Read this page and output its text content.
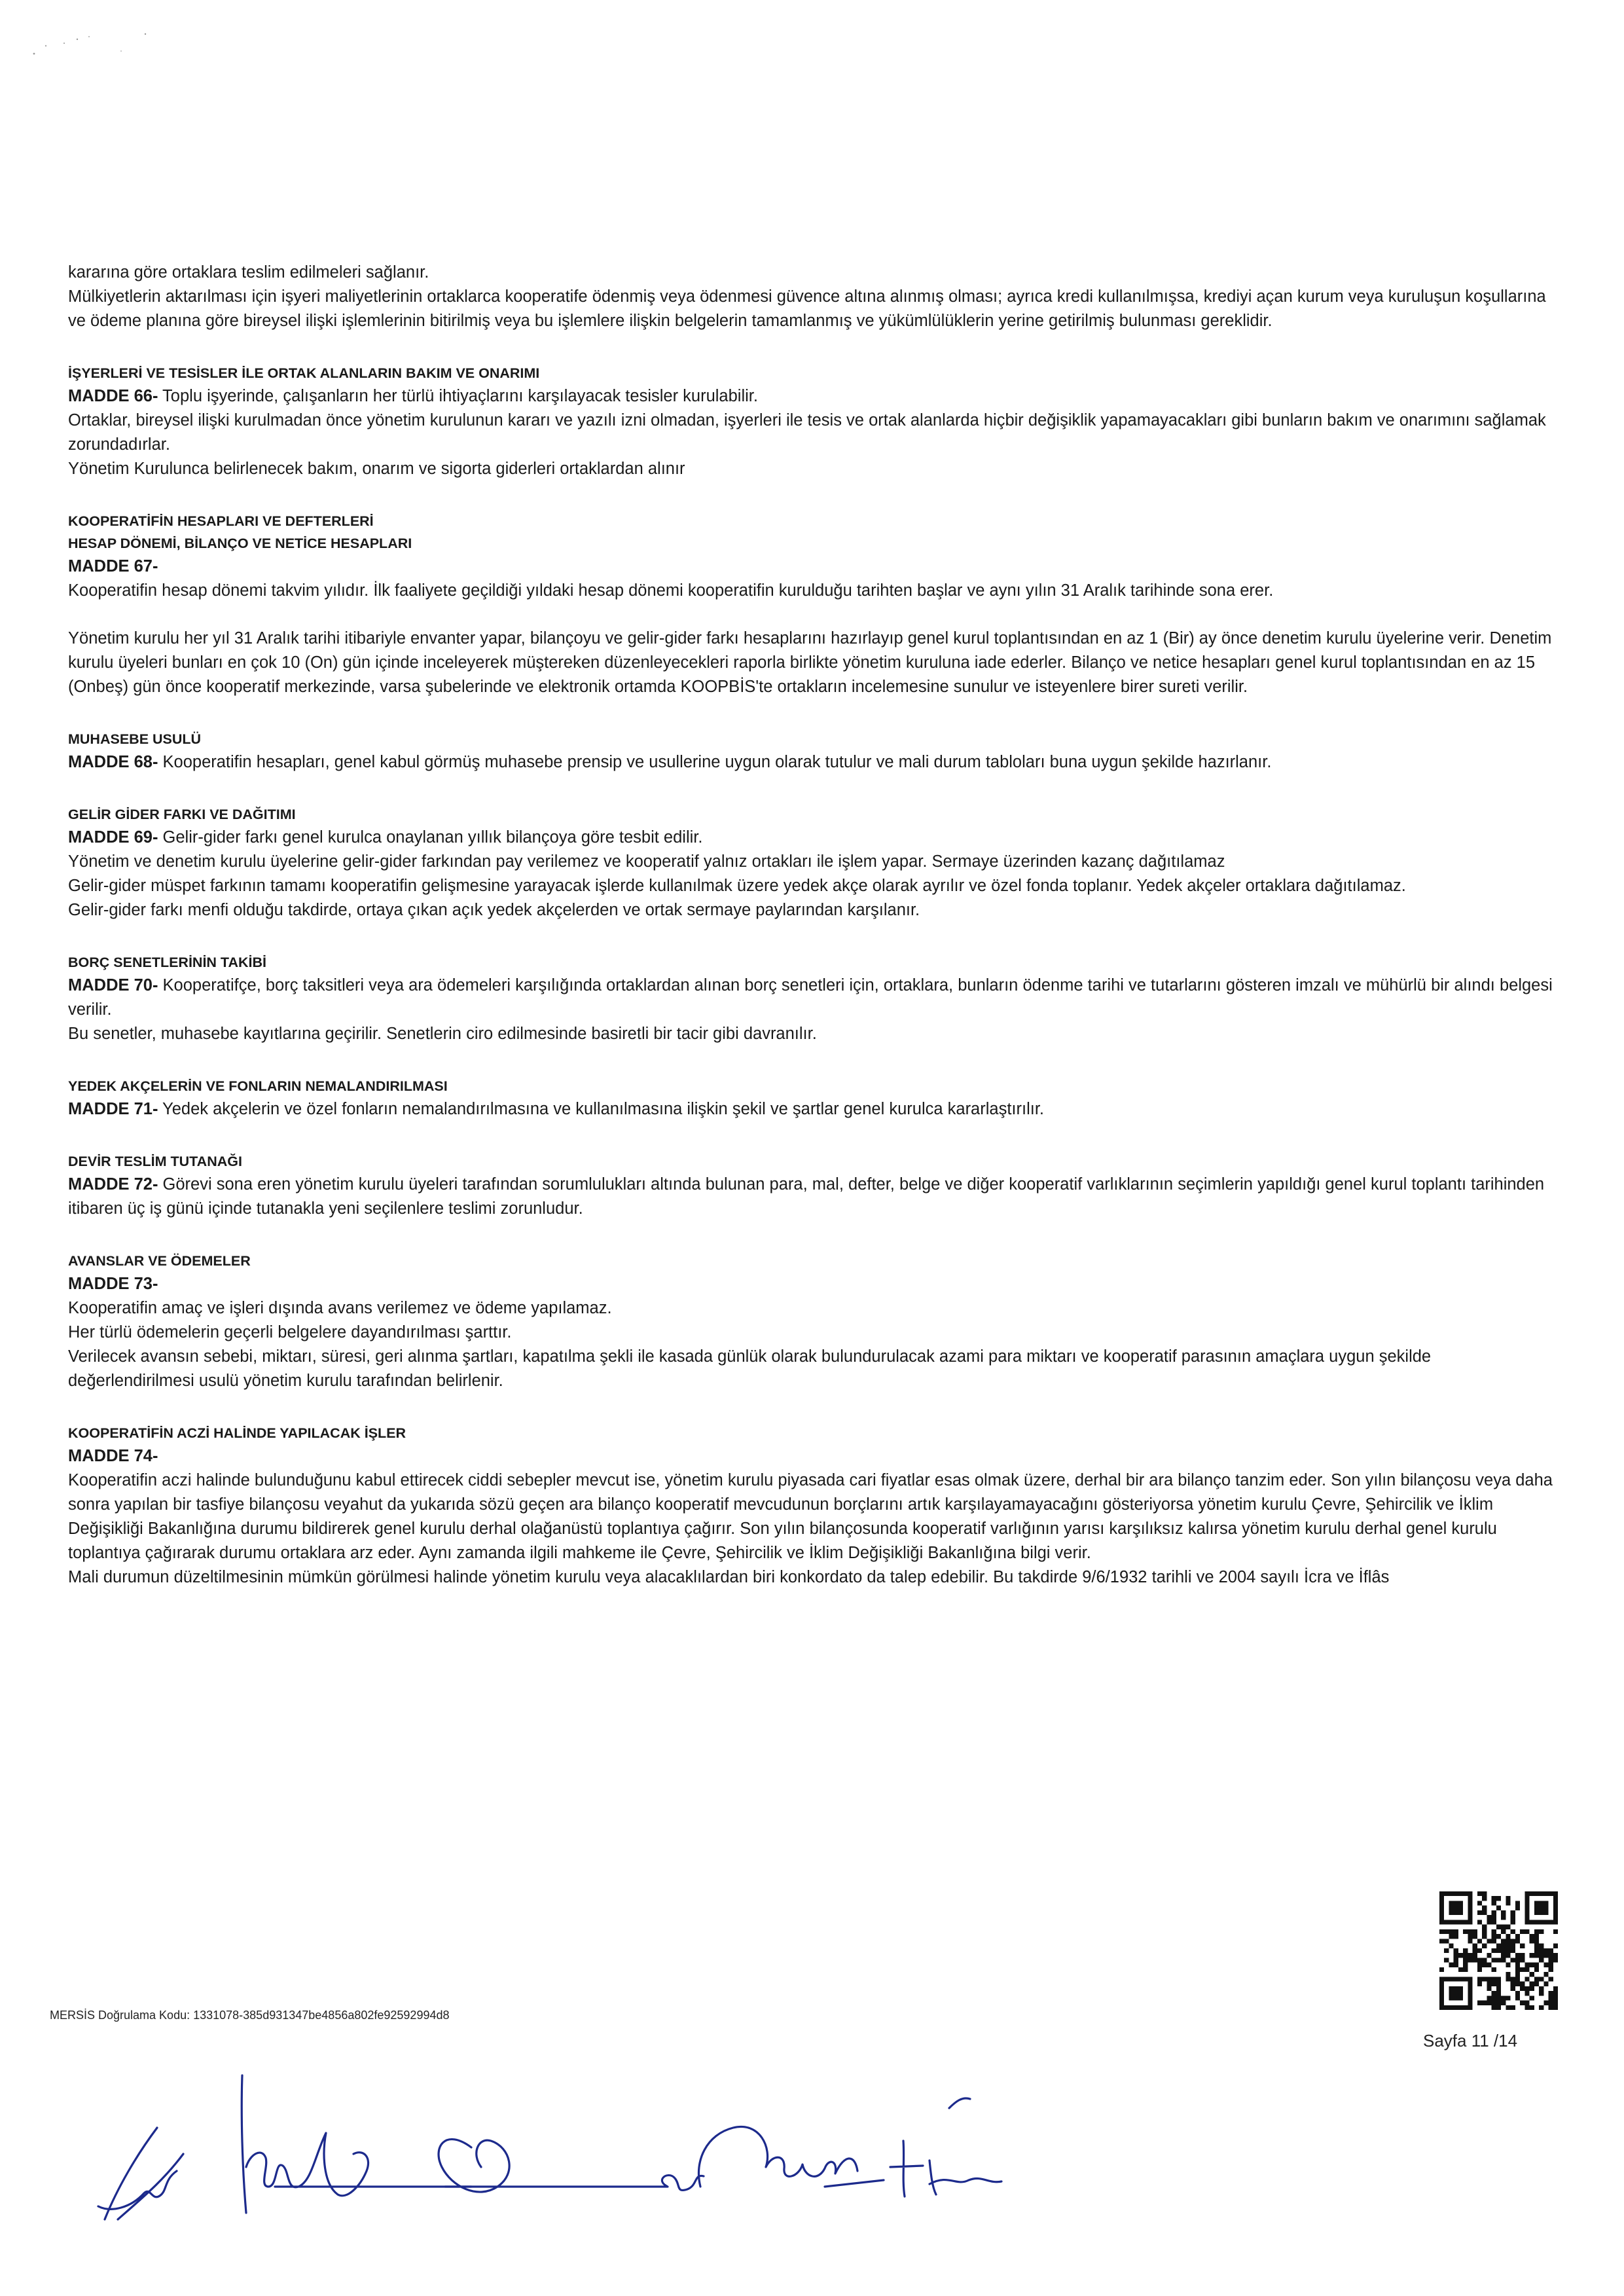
kararına göre ortaklara teslim edilmeleri sağlanır.

Mülkiyetlerin aktarılması için işyeri maliyetlerinin ortaklarca kooperatife ödenmiş veya ödenmesi güvence altına alınmış olması; ayrıca kredi kullanılmışsa, krediyi açan kurum veya kuruluşun koşullarına ve ödeme planına göre bireysel ilişki işlemlerinin bitirilmiş veya bu işlemlere ilişkin belgelerin tamamlanmış ve yükümlülüklerin yerine getirilmiş bulunması gereklidir.

İŞYERLERİ VE TESİSLER İLE ORTAK ALANLARIN BAKIM VE ONARIMI

MADDE 66- Toplu işyerinde, çalışanların her türlü ihtiyaçlarını karşılayacak tesisler kurulabilir.

Ortaklar, bireysel ilişki kurulmadan önce yönetim kurulunun kararı ve yazılı izni olmadan, işyerleri ile tesis ve ortak alanlarda hiçbir değişiklik yapamayacakları gibi bunların bakım ve onarımını sağlamak zorundadırlar.

Yönetim Kurulunca belirlenecek bakım, onarım ve sigorta giderleri ortaklardan alınır

KOOPERATİFİN HESAPLARI VE DEFTERLERİ
HESAP DÖNEMİ, BİLANÇO VE NETİCE HESAPLARI

MADDE 67-

Kooperatifin hesap dönemi takvim yılıdır. İlk faaliyete geçildiği yıldaki hesap dönemi kooperatifin kurulduğu tarihten başlar ve aynı yılın 31 Aralık tarihinde sona erer.

Yönetim kurulu her yıl 31 Aralık tarihi itibariyle envanter yapar, bilançoyu ve gelir-gider farkı hesaplarını hazırlayıp genel kurul toplantısından en az 1 (Bir) ay önce denetim kurulu üyelerine verir. Denetim kurulu üyeleri bunları en çok 10 (On) gün içinde inceleyerek müştereken düzenleyecekleri raporla birlikte yönetim kuruluna iade ederler. Bilanço ve netice hesapları genel kurul toplantısından en az 15 (Onbeş) gün önce kooperatif merkezinde, varsa şubelerinde ve elektronik ortamda KOOPBİS'te ortakların incelemesine sunulur ve isteyenlere birer sureti verilir.

MUHASEBE USULÜ

MADDE 68- Kooperatifin hesapları, genel kabul görmüş muhasebe prensip ve usullerine uygun olarak tutulur ve mali durum tabloları buna uygun şekilde hazırlanır.

GELİR GİDER FARKI VE DAĞITIMI

MADDE 69- Gelir-gider farkı genel kurulca onaylanan yıllık bilançoya göre tesbit edilir.

Yönetim ve denetim kurulu üyelerine gelir-gider farkından pay verilemez ve kooperatif yalnız ortakları ile işlem yapar. Sermaye üzerinden kazanç dağıtılamaz

Gelir-gider müspet farkının tamamı kooperatifin gelişmesine yarayacak işlerde kullanılmak üzere yedek akçe olarak ayrılır ve özel fonda toplanır. Yedek akçeler ortaklara dağıtılamaz.

Gelir-gider farkı menfi olduğu takdirde, ortaya çıkan açık yedek akçelerden ve ortak sermaye paylarından karşılanır.

BORÇ SENETLERİNİN TAKİBİ

MADDE 70- Kooperatifçe, borç taksitleri veya ara ödemeleri karşılığında ortaklardan alınan borç senetleri için, ortaklara, bunların ödenme tarihi ve tutarlarını gösteren imzalı ve mühürlü bir alındı belgesi verilir.

Bu senetler, muhasebe kayıtlarına geçirilir. Senetlerin ciro edilmesinde basiretli bir tacir gibi davranılır.

YEDEK AKÇELERİN VE FONLARIN NEMALANDIRILMASI

MADDE 71- Yedek akçelerin ve özel fonların nemalandırılmasına ve kullanılmasına ilişkin şekil ve şartlar genel kurulca kararlaştırılır.

DEVİR TESLİM TUTANAĞI

MADDE 72- Görevi sona eren yönetim kurulu üyeleri tarafından sorumlulukları altında bulunan para, mal, defter, belge ve diğer kooperatif varlıklarının seçimlerin yapıldığı genel kurul toplantı tarihinden itibaren üç iş günü içinde tutanakla yeni seçilenlere teslimi zorunludur.

AVANSLAR VE ÖDEMELER

MADDE 73-

Kooperatifin amaç ve işleri dışında avans verilemez ve ödeme yapılamaz.

Her türlü ödemelerin geçerli belgelere dayandırılması şarttır.

Verilecek avansın sebebi, miktarı, süresi, geri alınma şartları, kapatılma şekli ile kasada günlük olarak bulundurulacak azami para miktarı ve kooperatif parasının amaçlara uygun şekilde değerlendirilmesi usulü yönetim kurulu tarafından belirlenir.

KOOPERATİFİN ACZİ HALİNDE YAPILACAK İŞLER

MADDE 74-

Kooperatifin aczi halinde bulunduğunu kabul ettirecek ciddi sebepler mevcut ise, yönetim kurulu piyasada cari fiyatlar esas olmak üzere, derhal bir ara bilanço tanzim eder. Son yılın bilançosu veya daha sonra yapılan bir tasfiye bilançosu veyahut da yukarıda sözü geçen ara bilanço kooperatif mevcudunun borçlarını artık karşılayamayacağını gösteriyorsa yönetim kurulu Çevre, Şehircilik ve İklim Değişikliği Bakanlığına durumu bildirerek genel kurulu derhal olağanüstü toplantıya çağırır. Son yılın bilançosunda kooperatif varlığının yarısı karşılıksız kalırsa yönetim kurulu derhal genel kurulu toplantıya çağırarak durumu ortaklara arz eder. Aynı zamanda ilgili mahkeme ile Çevre, Şehircilik ve İklim Değişikliği Bakanlığına bilgi verir.

Mali durumun düzeltilmesinin mümkün görülmesi halinde yönetim kurulu veya alacaklılardan biri konkordato da talep edebilir. Bu takdirde 9/6/1932 tarihli ve 2004 sayılı İcra ve İflâs

MERSİS Doğrulama Kodu: 1331078-385d931347be4856a802fe92592994d8
Sayfa 11 /14
